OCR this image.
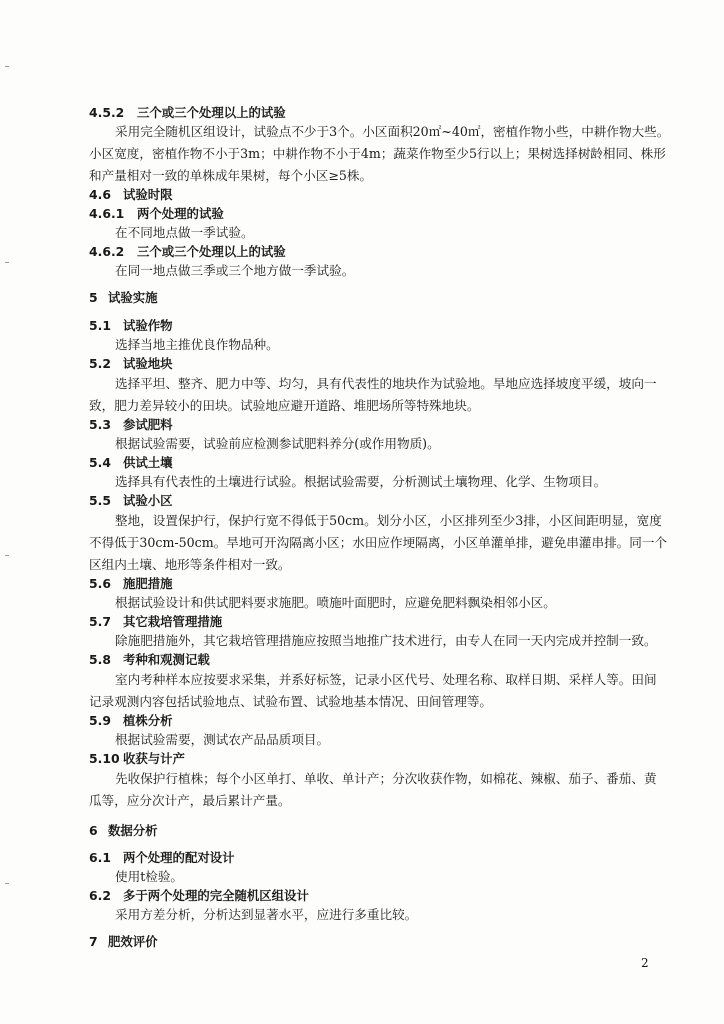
4.5.2 三个或三个处理以上的试验
采用完全随机区组设计，试验点不少于3个。小区面积20㎡~40㎡，密植作物小些，中耕作物大些。
小区宽度，密植作物不小于3m；中耕作物不小于4m；蔬菜作物至少5行以上；果树选择树龄相同、株形
和产量相对一致的单株成年果树，每个小区≥5株。
4.6 试验时限
4.6.1 两个处理的试验
在不同地点做一季试验。
4.6.2 三个或三个处理以上的试验
在同一地点做三季或三个地方做一季试验。
5 试验实施
5.1 试验作物
选择当地主推优良作物品种。
5.2 试验地块
选择平坦、整齐、肥力中等、均匀，具有代表性的地块作为试验地。旱地应选择坡度平缓，坡向一
致，肥力差异较小的田块。试验地应避开道路、堆肥场所等特殊地块。
5.3 参试肥料
根据试验需要，试验前应检测参试肥料养分(或作用物质)。
5.4 供试土壤
选择具有代表性的土壤进行试验。根据试验需要，分析测试土壤物理、化学、生物项目。
5.5 试验小区
整地，设置保护行，保护行宽不得低于50cm。划分小区，小区排列至少3排，小区间距明显，宽度
不得低于30cm-50cm。旱地可开沟隔离小区；水田应作埂隔离，小区单灌单排，避免串灌串排。同一个
区组内土壤、地形等条件相对一致。
5.6 施肥措施
根据试验设计和供试肥料要求施肥。喷施叶面肥时，应避免肥料飘染相邻小区。
5.7 其它栽培管理措施
除施肥措施外，其它栽培管理措施应按照当地推广技术进行，由专人在同一天内完成并控制一致。
5.8 考种和观测记载
室内考种样本应按要求采集，并系好标签，记录小区代号、处理名称、取样日期、采样人等。田间
记录观测内容包括试验地点、试验布置、试验地基本情况、田间管理等。
5.9 植株分析
根据试验需要，测试农产品品质项目。
5.10 收获与计产
先收保护行植株；每个小区单打、单收、单计产；分次收获作物，如棉花、辣椒、茄子、番茄、黄
瓜等，应分次计产，最后累计产量。
6 数据分析
6.1 两个处理的配对设计
使用t检验。
6.2 多于两个处理的完全随机区组设计
采用方差分析，分析达到显著水平，应进行多重比较。
7 肥效评价
2
